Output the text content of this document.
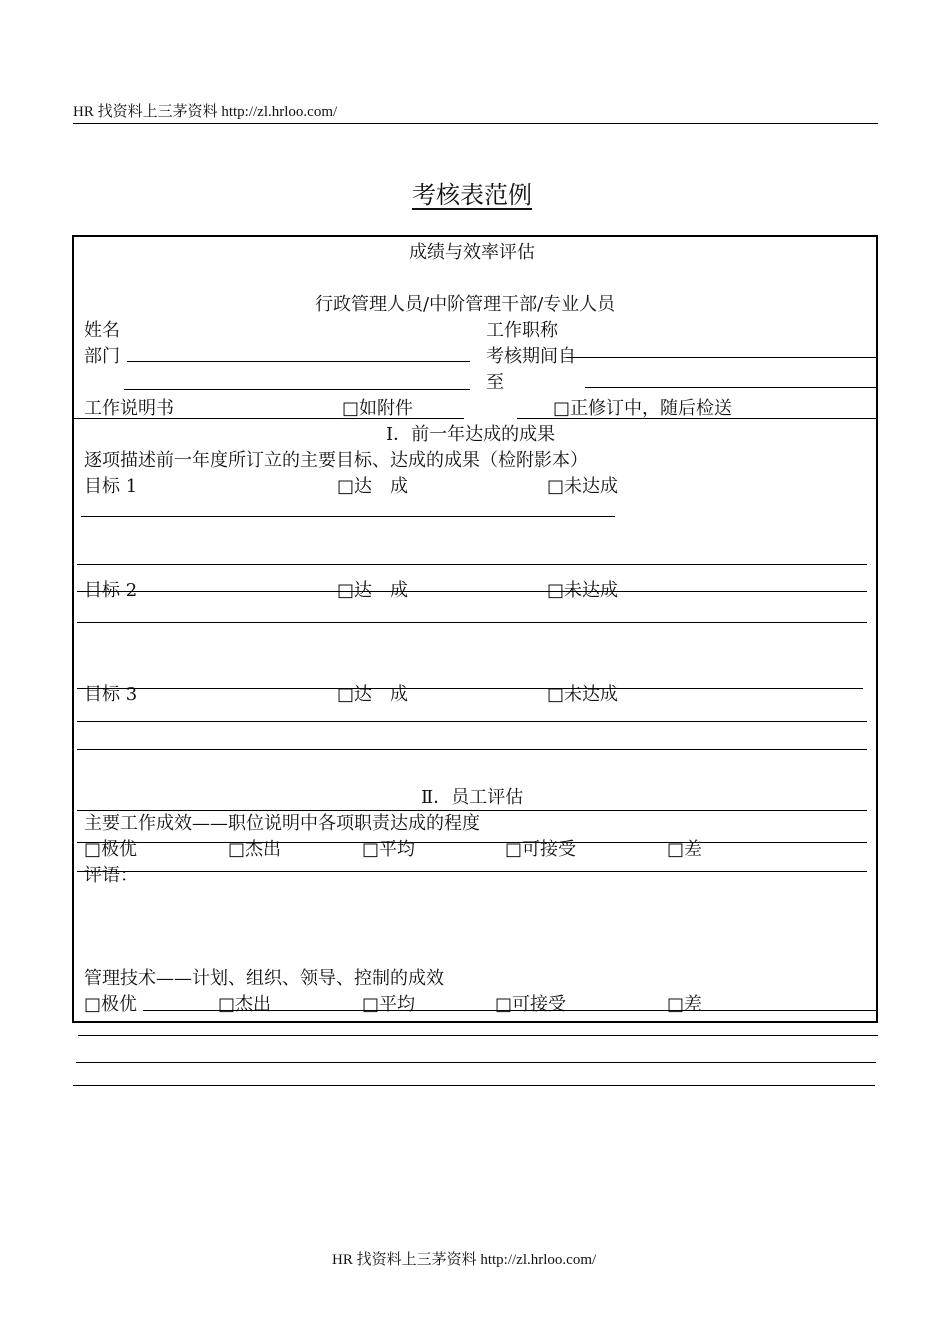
HR 找资料上三茅资料 http://zl.hrloo.com/
考核表范例
成绩与效率评估
行政管理人员/中阶管理干部/专业人员
姓名	工作职称
部门	考核期间自
至
工作说明书	□如附件	□正修订中，随后检送
Ⅰ．前一年达成的成果
逐项描述前一年度所订立的主要目标、达成的成果（检附影本）
目标 1	□达　成	□未达成
目标 2	□达　成	□未达成
目标 3	□达　成	□未达成
Ⅱ．员工评估
主要工作成效——职位说明中各项职责达成的程度
□极优	□杰出	□平均	□可接受	□差
评语：
管理技术——计划、组织、领导、控制的成效
□极优	□杰出	□平均	□可接受	□差
HR 找资料上三茅资料 http://zl.hrloo.com/
